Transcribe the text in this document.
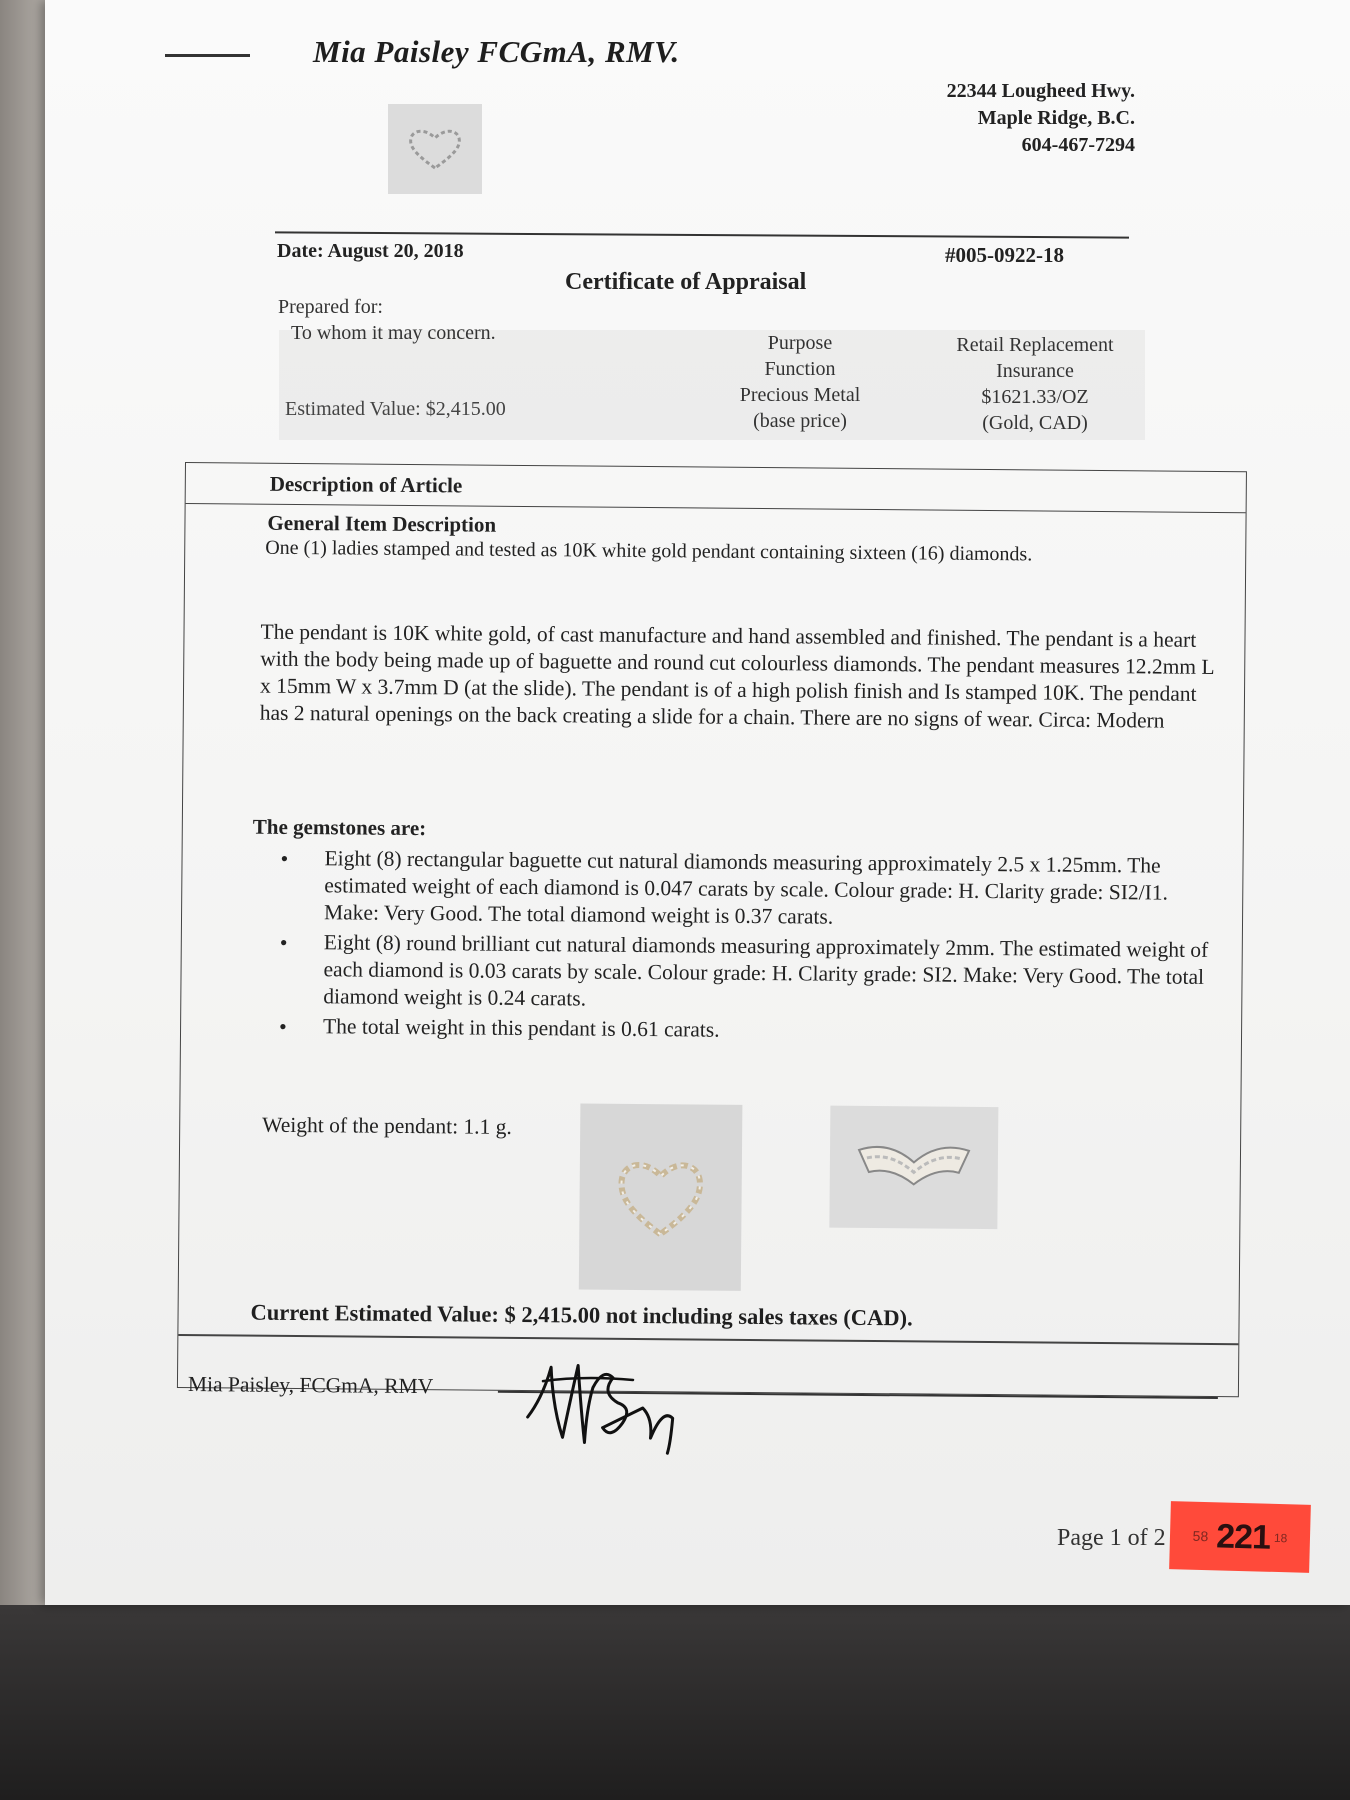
Mia Paisley FCGmA, RMV.
22344 Lougheed Hwy.
Maple Ridge, B.C.
604-467-7294
Date: August 20, 2018	#005-0922-18
Certificate of Appraisal
Prepared for:
To whom it may concern.
Estimated Value: $2,415.00
Purpose
Function
Precious Metal
(base price)
Retail Replacement
Insurance
$1621.33/OZ
(Gold, CAD)
Description of Article
General Item Description
One (1) ladies stamped and tested as 10K white gold pendant containing sixteen (16) diamonds.
The pendant is 10K white gold, of cast manufacture and hand assembled and finished. The pendant is a heart with the body being made up of baguette and round cut colourless diamonds. The pendant measures 12.2mm L x 15mm W x 3.7mm D (at the slide). The pendant is of a high polish finish and Is stamped 10K. The pendant has 2 natural openings on the back creating a slide for a chain. There are no signs of wear. Circa: Modern
The gemstones are:
• Eight (8) rectangular baguette cut natural diamonds measuring approximately 2.5 x 1.25mm. The estimated weight of each diamond is 0.047 carats by scale. Colour grade: H. Clarity grade: SI2/I1. Make: Very Good. The total diamond weight is 0.37 carats.
• Eight (8) round brilliant cut natural diamonds measuring approximately 2mm. The estimated weight of each diamond is 0.03 carats by scale. Colour grade: H. Clarity grade: SI2. Make: Very Good. The total diamond weight is 0.24 carats.
• The total weight in this pendant is 0.61 carats.
Weight of the pendant: 1.1 g.
Current Estimated Value: $ 2,415.00 not including sales taxes (CAD).
Mia Paisley, FCGmA, RMV
Page 1 of 2 58 221 18
